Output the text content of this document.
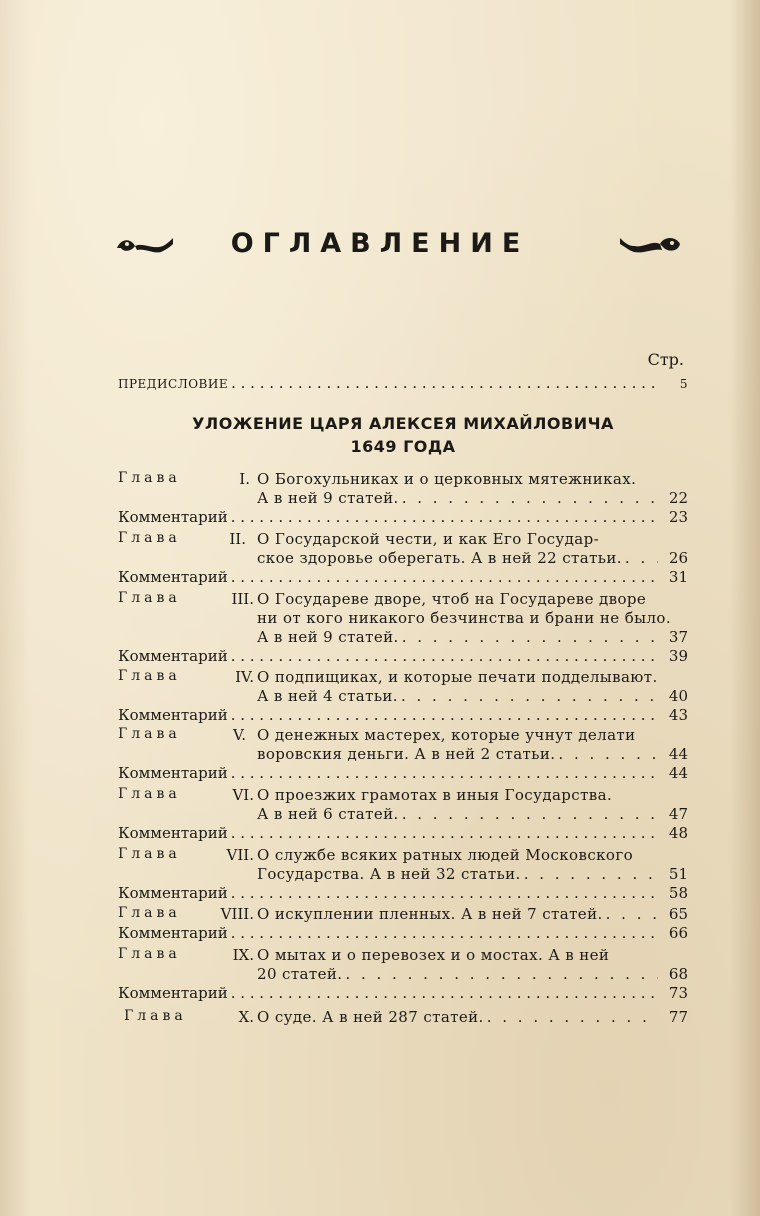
ОГЛАВЛЕНИЕ
Стр.
ПРЕДИСЛОВИЕ . . .	5
УЛОЖЕНИЕ ЦАРЯ АЛЕКСЕЯ МИХАЙЛОВИЧА
1649 ГОДА
Глава	I. О Богохульниках и о церковных мятежниках.
А в ней 9 статей. . . .	22
Комментарий . . .	23
Глава	II. О Государской чести, и как Его Государ-
ское здоровье оберегать. А в ней 22 статьи. . . .	26
Комментарий . . .	31
Глава	III. О Государеве дворе, чтоб на Государеве дворе
ни от кого никакого безчинства и брани не было.
А в ней 9 статей. . . .	37
Комментарий . . .	39
Глава	IV. О подпищиках, и которые печати подделывают.
А в ней 4 статьи. . . .	40
Комментарий . . .	43
Глава	V. О денежных мастерех, которые учнут делати
воровския деньги. А в ней 2 статьи. . . .	44
Комментарий . . .	44
Глава	VI. О проезжих грамотах в иныя Государства.
А в ней 6 статей. . . .	47
Комментарий . . .	48
Глава	VII. О службе всяких ратных людей Московского
Государства. А в ней 32 статьи. . . .	51
Комментарий . . .	58
Глава	VIII. О искуплении пленных. А в ней 7 статей. . . .	65
Комментарий . . .	66
Глава	IX. О мытах и о перевозех и о мостах. А в ней
20 статей. . . .	68
Комментарий . . .	73
Глава	X. О суде. А в ней 287 статей. . . .	77
